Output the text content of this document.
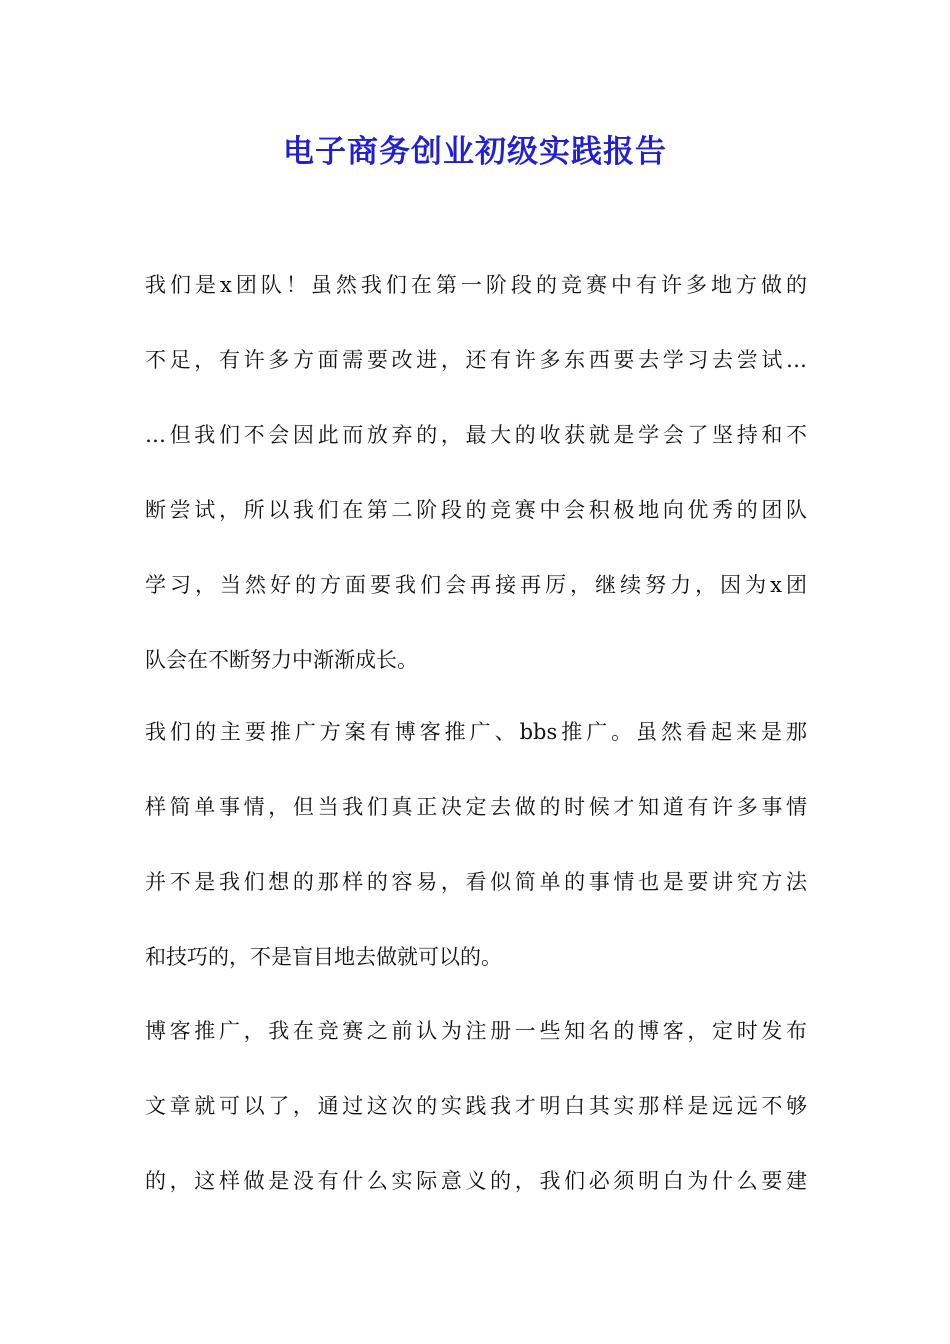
电子商务创业初级实践报告
我们是x团队！虽然我们在第一阶段的竞赛中有许多地方做的
不足，有许多方面需要改进，还有许多东西要去学习去尝试…
…但我们不会因此而放弃的，最大的收获就是学会了坚持和不
断尝试，所以我们在第二阶段的竞赛中会积极地向优秀的团队
学习，当然好的方面要我们会再接再厉，继续努力，因为x团
队会在不断努力中渐渐成长。
我们的主要推广方案有博客推广、bbs推广。虽然看起来是那
样简单事情，但当我们真正决定去做的时候才知道有许多事情
并不是我们想的那样的容易，看似简单的事情也是要讲究方法
和技巧的，不是盲目地去做就可以的。
博客推广，我在竞赛之前认为注册一些知名的博客，定时发布
文章就可以了，通过这次的实践我才明白其实那样是远远不够
的，这样做是没有什么实际意义的，我们必须明白为什么要建
